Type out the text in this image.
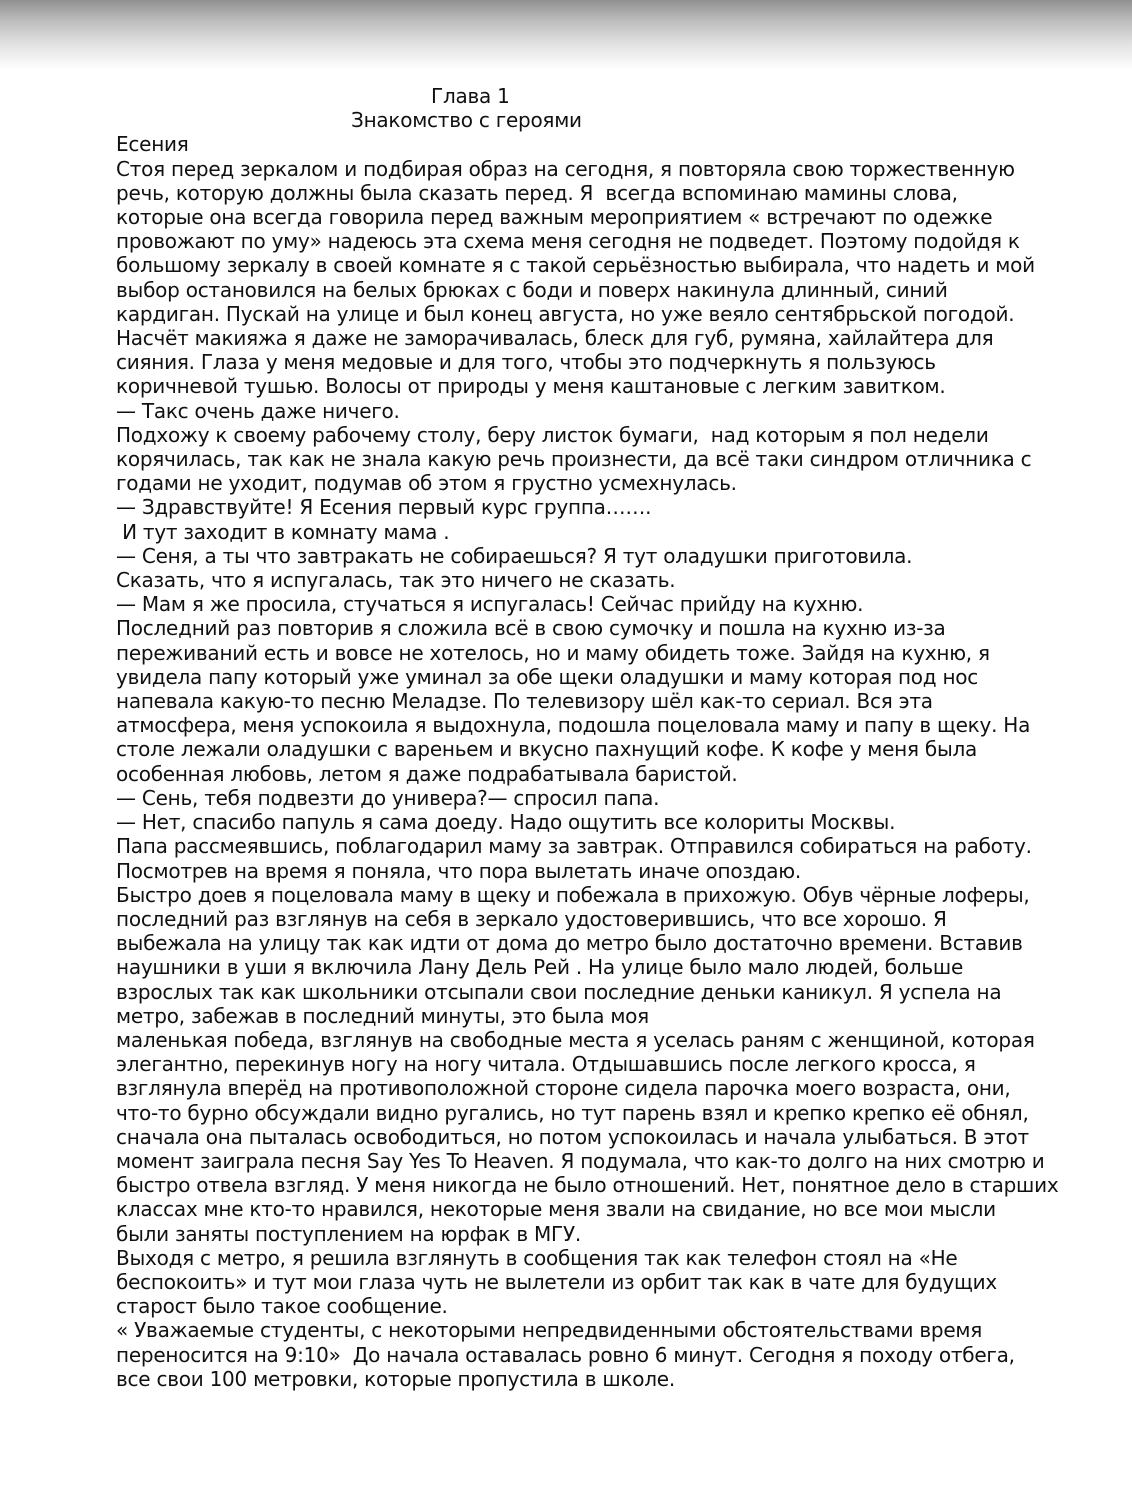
Глава 1

Знакомство с героями

Есения

Стоя перед зеркалом и подбирая образ на сегодня, я повторяла свою торжественную

речь, которую должны была сказать перед. Я  всегда вспоминаю мамины слова,

которые она всегда говорила перед важным мероприятием « встречают по одежке

провожают по уму» надеюсь эта схема меня сегодня не подведет. Поэтому подойдя к

большому зеркалу в своей комнате я с такой серьёзностью выбирала, что надеть и мой

выбор остановился на белых брюках с боди и поверх накинула длинный, синий

кардиган. Пускай на улице и был конец августа, но уже веяло сентябрьской погодой.

Насчёт макияжа я даже не заморачивалась, блеск для губ, румяна, хайлайтера для

сияния. Глаза у меня медовые и для того, чтобы это подчеркнуть я пользуюсь

коричневой тушью. Волосы от природы у меня каштановые с легким завитком.

— Такс очень даже ничего.

Подхожу к своему рабочему столу, беру листок бумаги,  над которым я пол недели

корячилась, так как не знала какую речь произнести, да всё таки синдром отличника с

годами не уходит, подумав об этом я грустно усмехнулась.

— Здравствуйте! Я Есения первый курс группа…….

И тут заходит в комнату мама .

— Сеня, а ты что завтракать не собираешься? Я тут оладушки приготовила.

Сказать, что я испугалась, так это ничего не сказать.

— Мам я же просила, стучаться я испугалась! Сейчас прийду на кухню.

Последний раз повторив я сложила всё в свою сумочку и пошла на кухню из-за

переживаний есть и вовсе не хотелось, но и маму обидеть тоже. Зайдя на кухню, я

увидела папу который уже уминал за обе щеки оладушки и маму которая под нос

напевала какую-то песню Меладзе. По телевизору шёл как-то сериал. Вся эта

атмосфера, меня успокоила я выдохнула, подошла поцеловала маму и папу в щеку. На

столе лежали оладушки с вареньем и вкусно пахнущий кофе. К кофе у меня была

особенная любовь, летом я даже подрабатывала баристой.

— Сень, тебя подвезти до универа?— спросил папа.

— Нет, спасибо папуль я сама доеду. Надо ощутить все колориты Москвы.

Папа рассмеявшись, поблагодарил маму за завтрак. Отправился собираться на работу.

Посмотрев на время я поняла, что пора вылетать иначе опоздаю.

Быстро доев я поцеловала маму в щеку и побежала в прихожую. Обув чёрные лоферы,

последний раз взглянув на себя в зеркало удостоверившись, что все хорошо. Я

выбежала на улицу так как идти от дома до метро было достаточно времени. Вставив

наушники в уши я включила Лану Дель Рей . На улице было мало людей, больше

взрослых так как школьники отсыпали свои последние деньки каникул. Я успела на

метро, забежав в последний минуты, это была моя

маленькая победа, взглянув на свободные места я уселась раням с женщиной, которая

элегантно, перекинув ногу на ногу читала. Отдышавшись после легкого кросса, я

взглянула вперёд на противоположной стороне сидела парочка моего возраста, они,

что-то бурно обсуждали видно ругались, но тут парень взял и крепко крепко её обнял,

сначала она пыталась освободиться, но потом успокоилась и начала улыбаться. В этот

момент заиграла песня Say Yes To Heaven. Я подумала, что как-то долго на них смотрю и

быстро отвела взгляд. У меня никогда не было отношений. Нет, понятное дело в старших

классах мне кто-то нравился, некоторые меня звали на свидание, но все мои мысли

были заняты поступлением на юрфак в МГУ.

Выходя с метро, я решила взглянуть в сообщения так как телефон стоял на «Не

беспокоить» и тут мои глаза чуть не вылетели из орбит так как в чате для будущих

старост было такое сообщение.

« Уважаемые студенты, с некоторыми непредвиденными обстоятельствами время

переносится на 9:10»  До начала оставалась ровно 6 минут. Сегодня я походу отбега,

все свои 100 метровки, которые пропустила в школе.
